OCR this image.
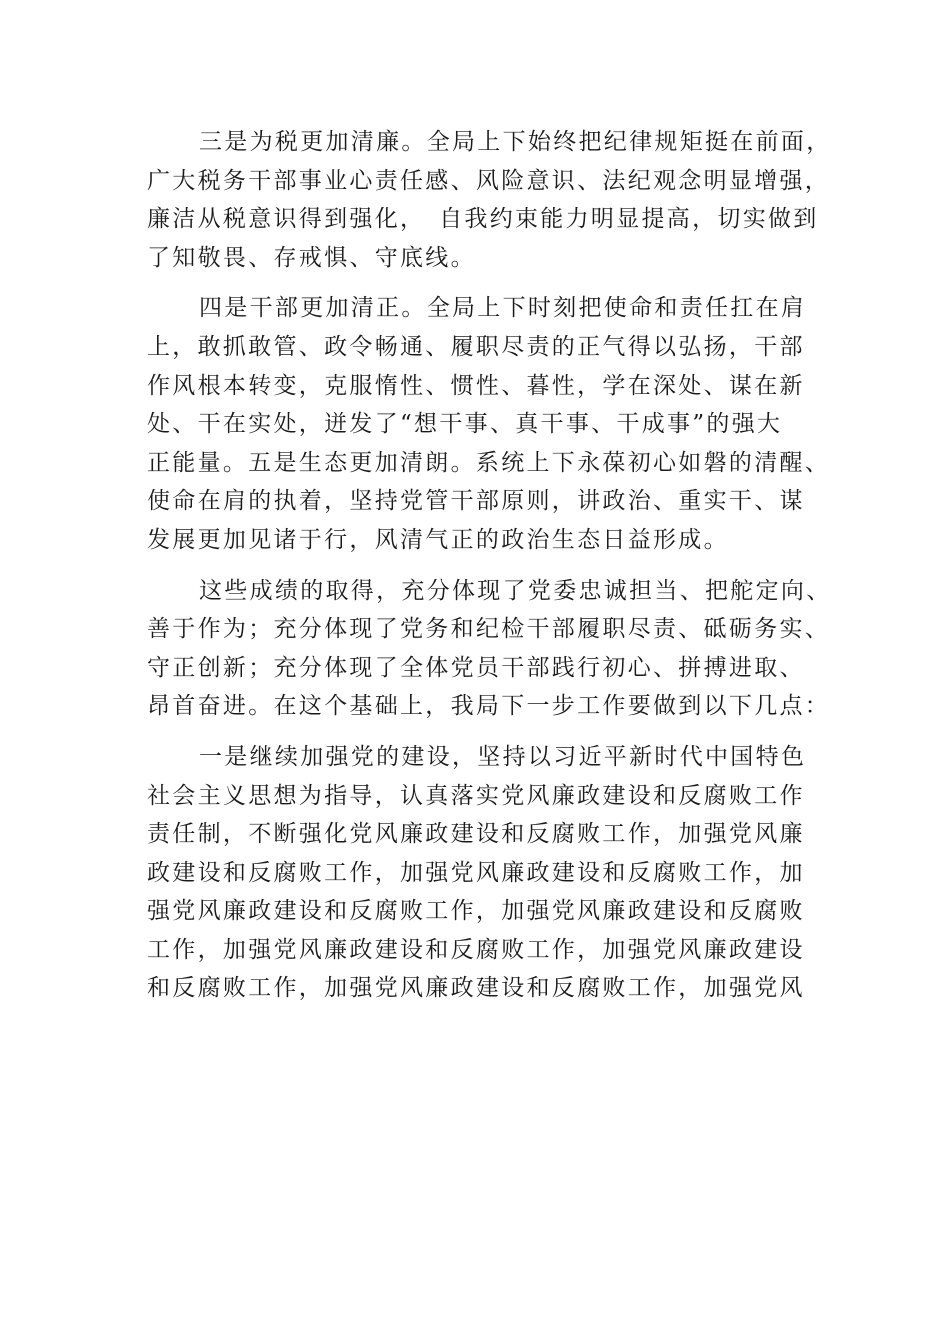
三是为税更加清廉。全局上下始终把纪律规矩挺在前面，
广大税务干部事业心责任感、风险意识、法纪观念明显增强，
廉洁从税意识得到强化，　自我约束能力明显提高，切实做到
了知敬畏、存戒惧、守底线。

四是干部更加清正。全局上下时刻把使命和责任扛在肩
上，敢抓敢管、政令畅通、履职尽责的正气得以弘扬，干部
作风根本转变，克服惰性、惯性、暮性，学在深处、谋在新
处、干在实处，迸发了“想干事、真干事、干成事”的强大
正能量。五是生态更加清朗。系统上下永葆初心如磐的清醒、
使命在肩的执着，坚持党管干部原则，讲政治、重实干、谋
发展更加见诸于行，风清气正的政治生态日益形成。

这些成绩的取得，充分体现了党委忠诚担当、把舵定向、
善于作为；充分体现了党务和纪检干部履职尽责、砥砺务实、
守正创新；充分体现了全体党员干部践行初心、拼搏进取、
昂首奋进。在这个基础上，我局下一步工作要做到以下几点：

一是继续加强党的建设，坚持以习近平新时代中国特色
社会主义思想为指导，认真落实党风廉政建设和反腐败工作
责任制，不断强化党风廉政建设和反腐败工作，加强党风廉
政建设和反腐败工作，加强党风廉政建设和反腐败工作，加
强党风廉政建设和反腐败工作，加强党风廉政建设和反腐败
工作，加强党风廉政建设和反腐败工作，加强党风廉政建设
和反腐败工作，加强党风廉政建设和反腐败工作，加强党风
